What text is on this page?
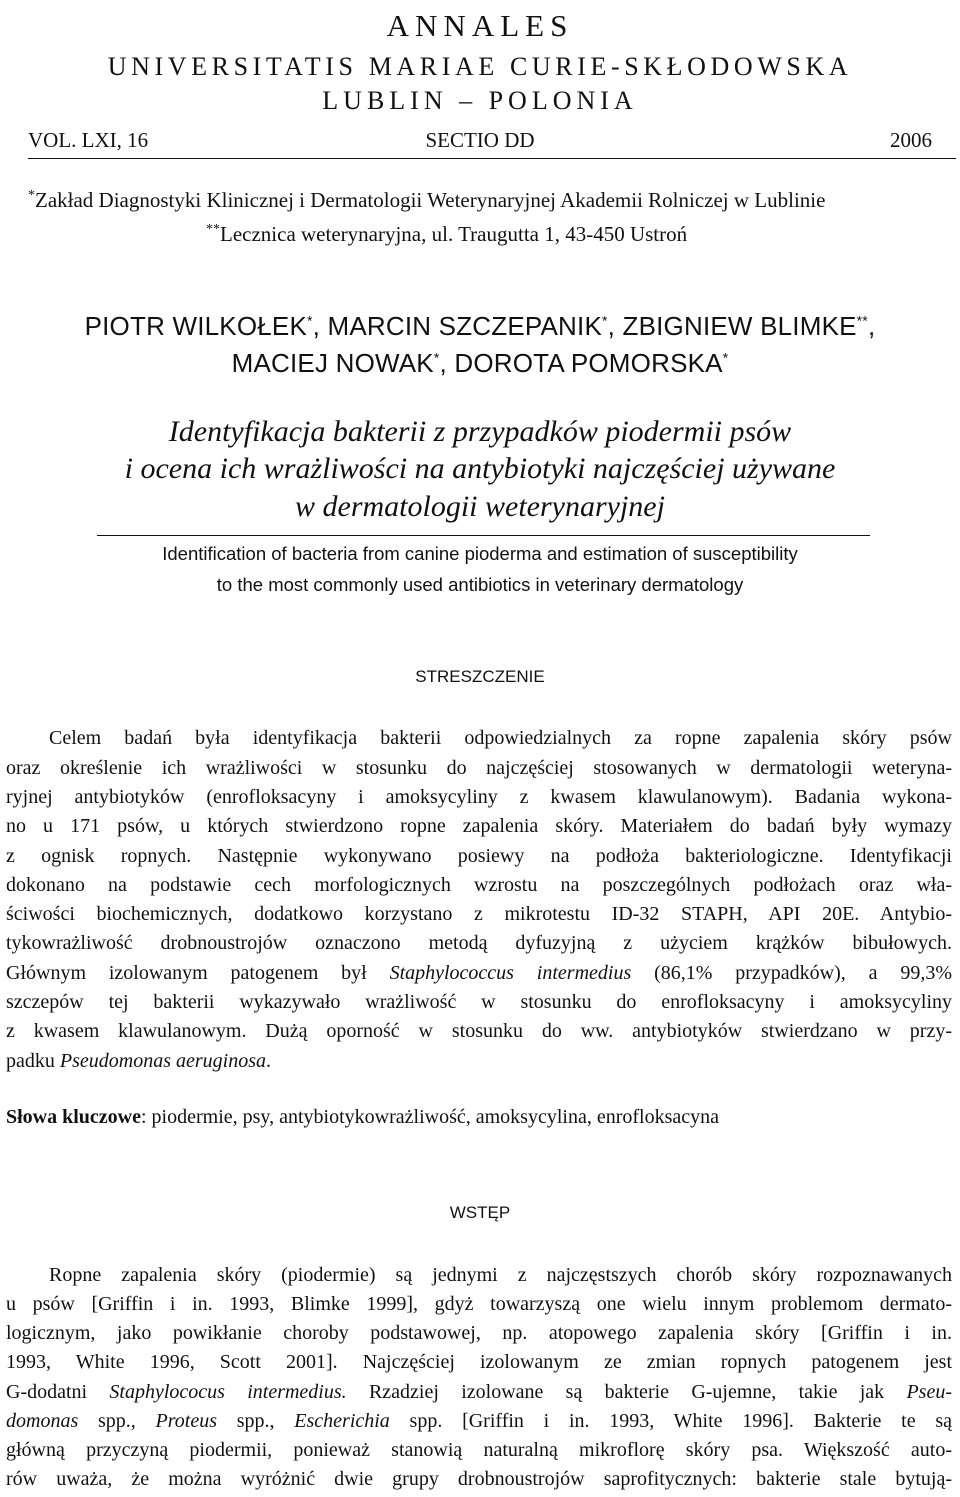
ANNALES
UNIVERSITATIS MARIAE CURIE-SKŁODOWSKA
LUBLIN – POLONIA
VOL. LXI, 16	SECTIO DD	2006
*Zakład Diagnostyki Klinicznej i Dermatologii Weterynaryjnej Akademii Rolniczej w Lublinie
**Lecznica weterynaryjna, ul. Traugutta 1, 43-450 Ustroń
PIOTR WILKOŁEK*, MARCIN SZCZEPANIK*, ZBIGNIEW BLIMKE**,
MACIEJ NOWAK*, DOROTA POMORSKA*
Identyfikacja bakterii z przypadków piodermii psów
i ocena ich wrażliwości na antybiotyki najczęściej używane
w dermatologii weterynaryjnej
Identification of bacteria from canine pioderma and estimation of susceptibility
to the most commonly used antibiotics in veterinary dermatology
STRESZCZENIE
Celem badań była identyfikacja bakterii odpowiedzialnych za ropne zapalenia skóry psów
oraz określenie ich wrażliwości w stosunku do najczęściej stosowanych w dermatologii weteryna-
ryjnej antybiotyków (enrofloksacyny i amoksycyliny z kwasem klawulanowym). Badania wykona-
no u 171 psów, u których stwierdzono ropne zapalenia skóry. Materiałem do badań były wymazy
z ognisk ropnych. Następnie wykonywano posiewy na podłoża bakteriologiczne. Identyfikacji
dokonano na podstawie cech morfologicznych wzrostu na poszczególnych podłożach oraz wła-
ściwości biochemicznych, dodatkowo korzystano z mikrotestu ID-32 STAPH, API 20E. Antybio-
tykowrażliwość drobnoustrojów oznaczono metodą dyfuzyjną z użyciem krążków bibułowych.
Głównym izolowanym patogenem był Staphylococcus intermedius (86,1% przypadków), a 99,3%
szczepów tej bakterii wykazywało wrażliwość w stosunku do enrofloksacyny i amoksycyliny
z kwasem klawulanowym. Dużą oporność w stosunku do ww. antybiotyków stwierdzano w przy-
padku Pseudomonas aeruginosa.
Słowa kluczowe: piodermie, psy, antybiotykowrażliwość, amoksycylina, enrofloksacyna
WSTĘP
Ropne zapalenia skóry (piodermie) są jednymi z najczęstszych chorób skóry rozpoznawanych
u psów [Griffin i in. 1993, Blimke 1999], gdyż towarzyszą one wielu innym problemom dermato-
logicznym, jako powikłanie choroby podstawowej, np. atopowego zapalenia skóry [Griffin i in.
1993, White 1996, Scott 2001]. Najczęściej izolowanym ze zmian ropnych patogenem jest
G-dodatni Staphylococus intermedius. Rzadziej izolowane są bakterie G-ujemne, takie jak Pseu-
domonas spp., Proteus spp., Escherichia spp. [Griffin i in. 1993, White 1996]. Bakterie te są
główną przyczyną piodermii, ponieważ stanowią naturalną mikroflorę skóry psa. Większość auto-
rów uważa, że można wyróżnić dwie grupy drobnoustrojów saprofitycznych: bakterie stale bytują-
